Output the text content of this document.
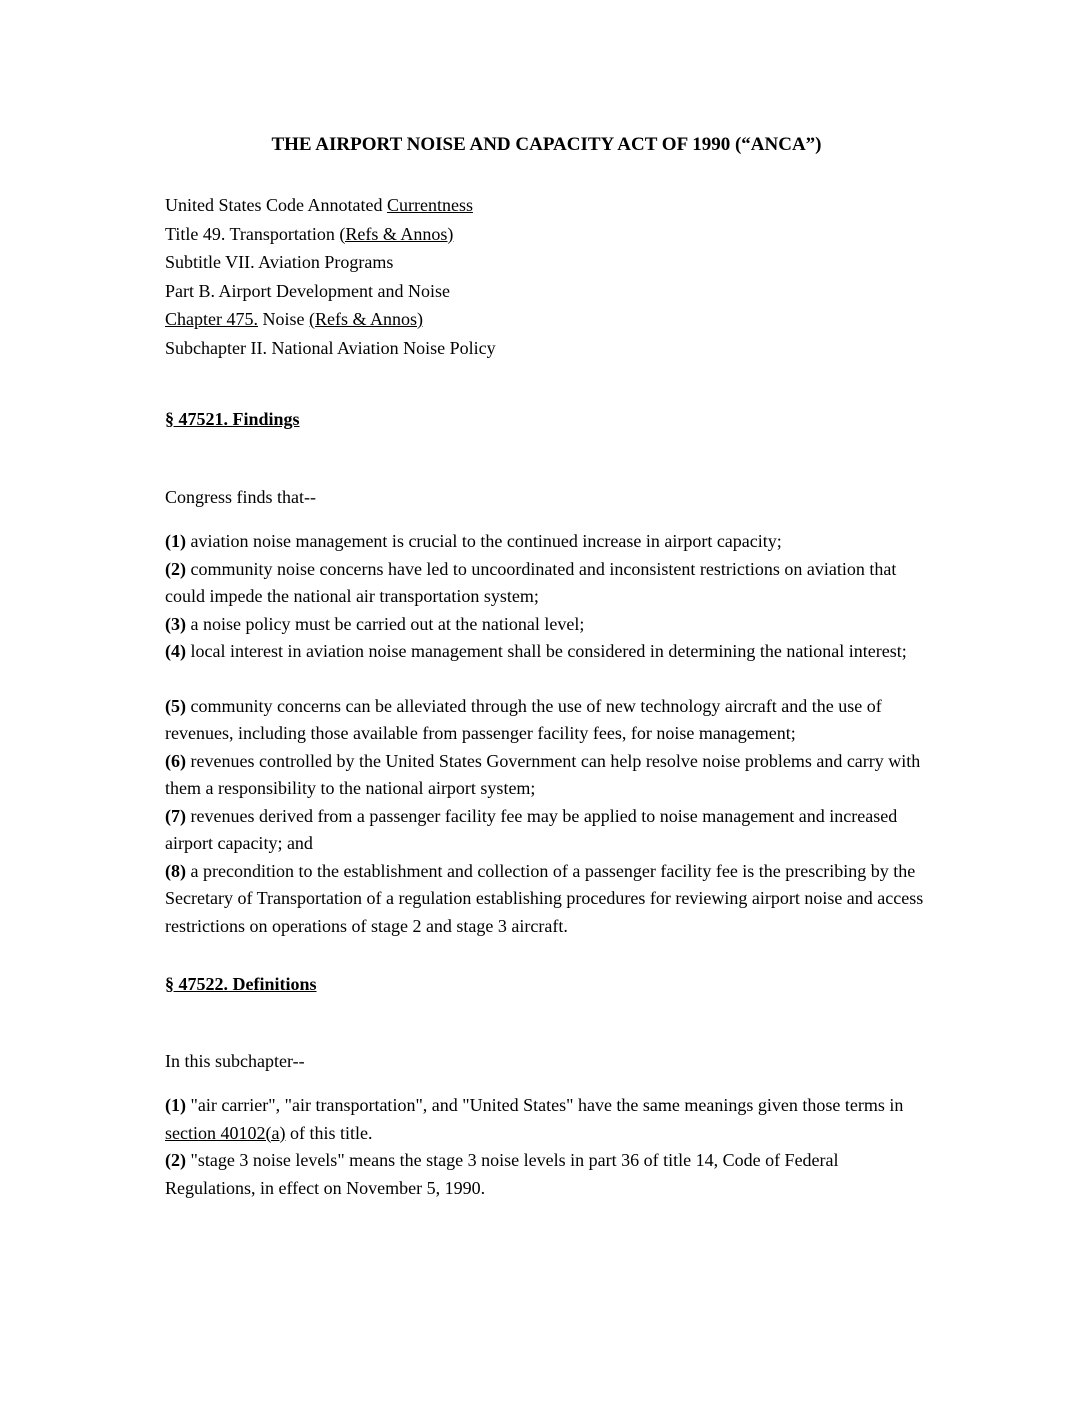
THE AIRPORT NOISE AND CAPACITY ACT OF 1990 (“ANCA”)

United States Code Annotated Currentness

Title 49. Transportation (Refs & Annos)

Subtitle VII. Aviation Programs

Part B. Airport Development and Noise

Chapter 475. Noise (Refs & Annos)

Subchapter II. National Aviation Noise Policy

§ 47521. Findings

Congress finds that--

(1) aviation noise management is crucial to the continued increase in airport capacity;

(2) community noise concerns have led to uncoordinated and inconsistent restrictions on aviation that could impede the national air transportation system;

(3) a noise policy must be carried out at the national level;

(4) local interest in aviation noise management shall be considered in determining the national interest;

(5) community concerns can be alleviated through the use of new technology aircraft and the use of revenues, including those available from passenger facility fees, for noise management;

(6) revenues controlled by the United States Government can help resolve noise problems and carry with them a responsibility to the national airport system;

(7) revenues derived from a passenger facility fee may be applied to noise management and increased airport capacity; and

(8) a precondition to the establishment and collection of a passenger facility fee is the prescribing by the Secretary of Transportation of a regulation establishing procedures for reviewing airport noise and access restrictions on operations of stage 2 and stage 3 aircraft.

§ 47522. Definitions

In this subchapter--

(1) "air carrier", "air transportation", and "United States" have the same meanings given those terms in section 40102(a) of this title.

(2) "stage 3 noise levels" means the stage 3 noise levels in part 36 of title 14, Code of Federal Regulations, in effect on November 5, 1990.
